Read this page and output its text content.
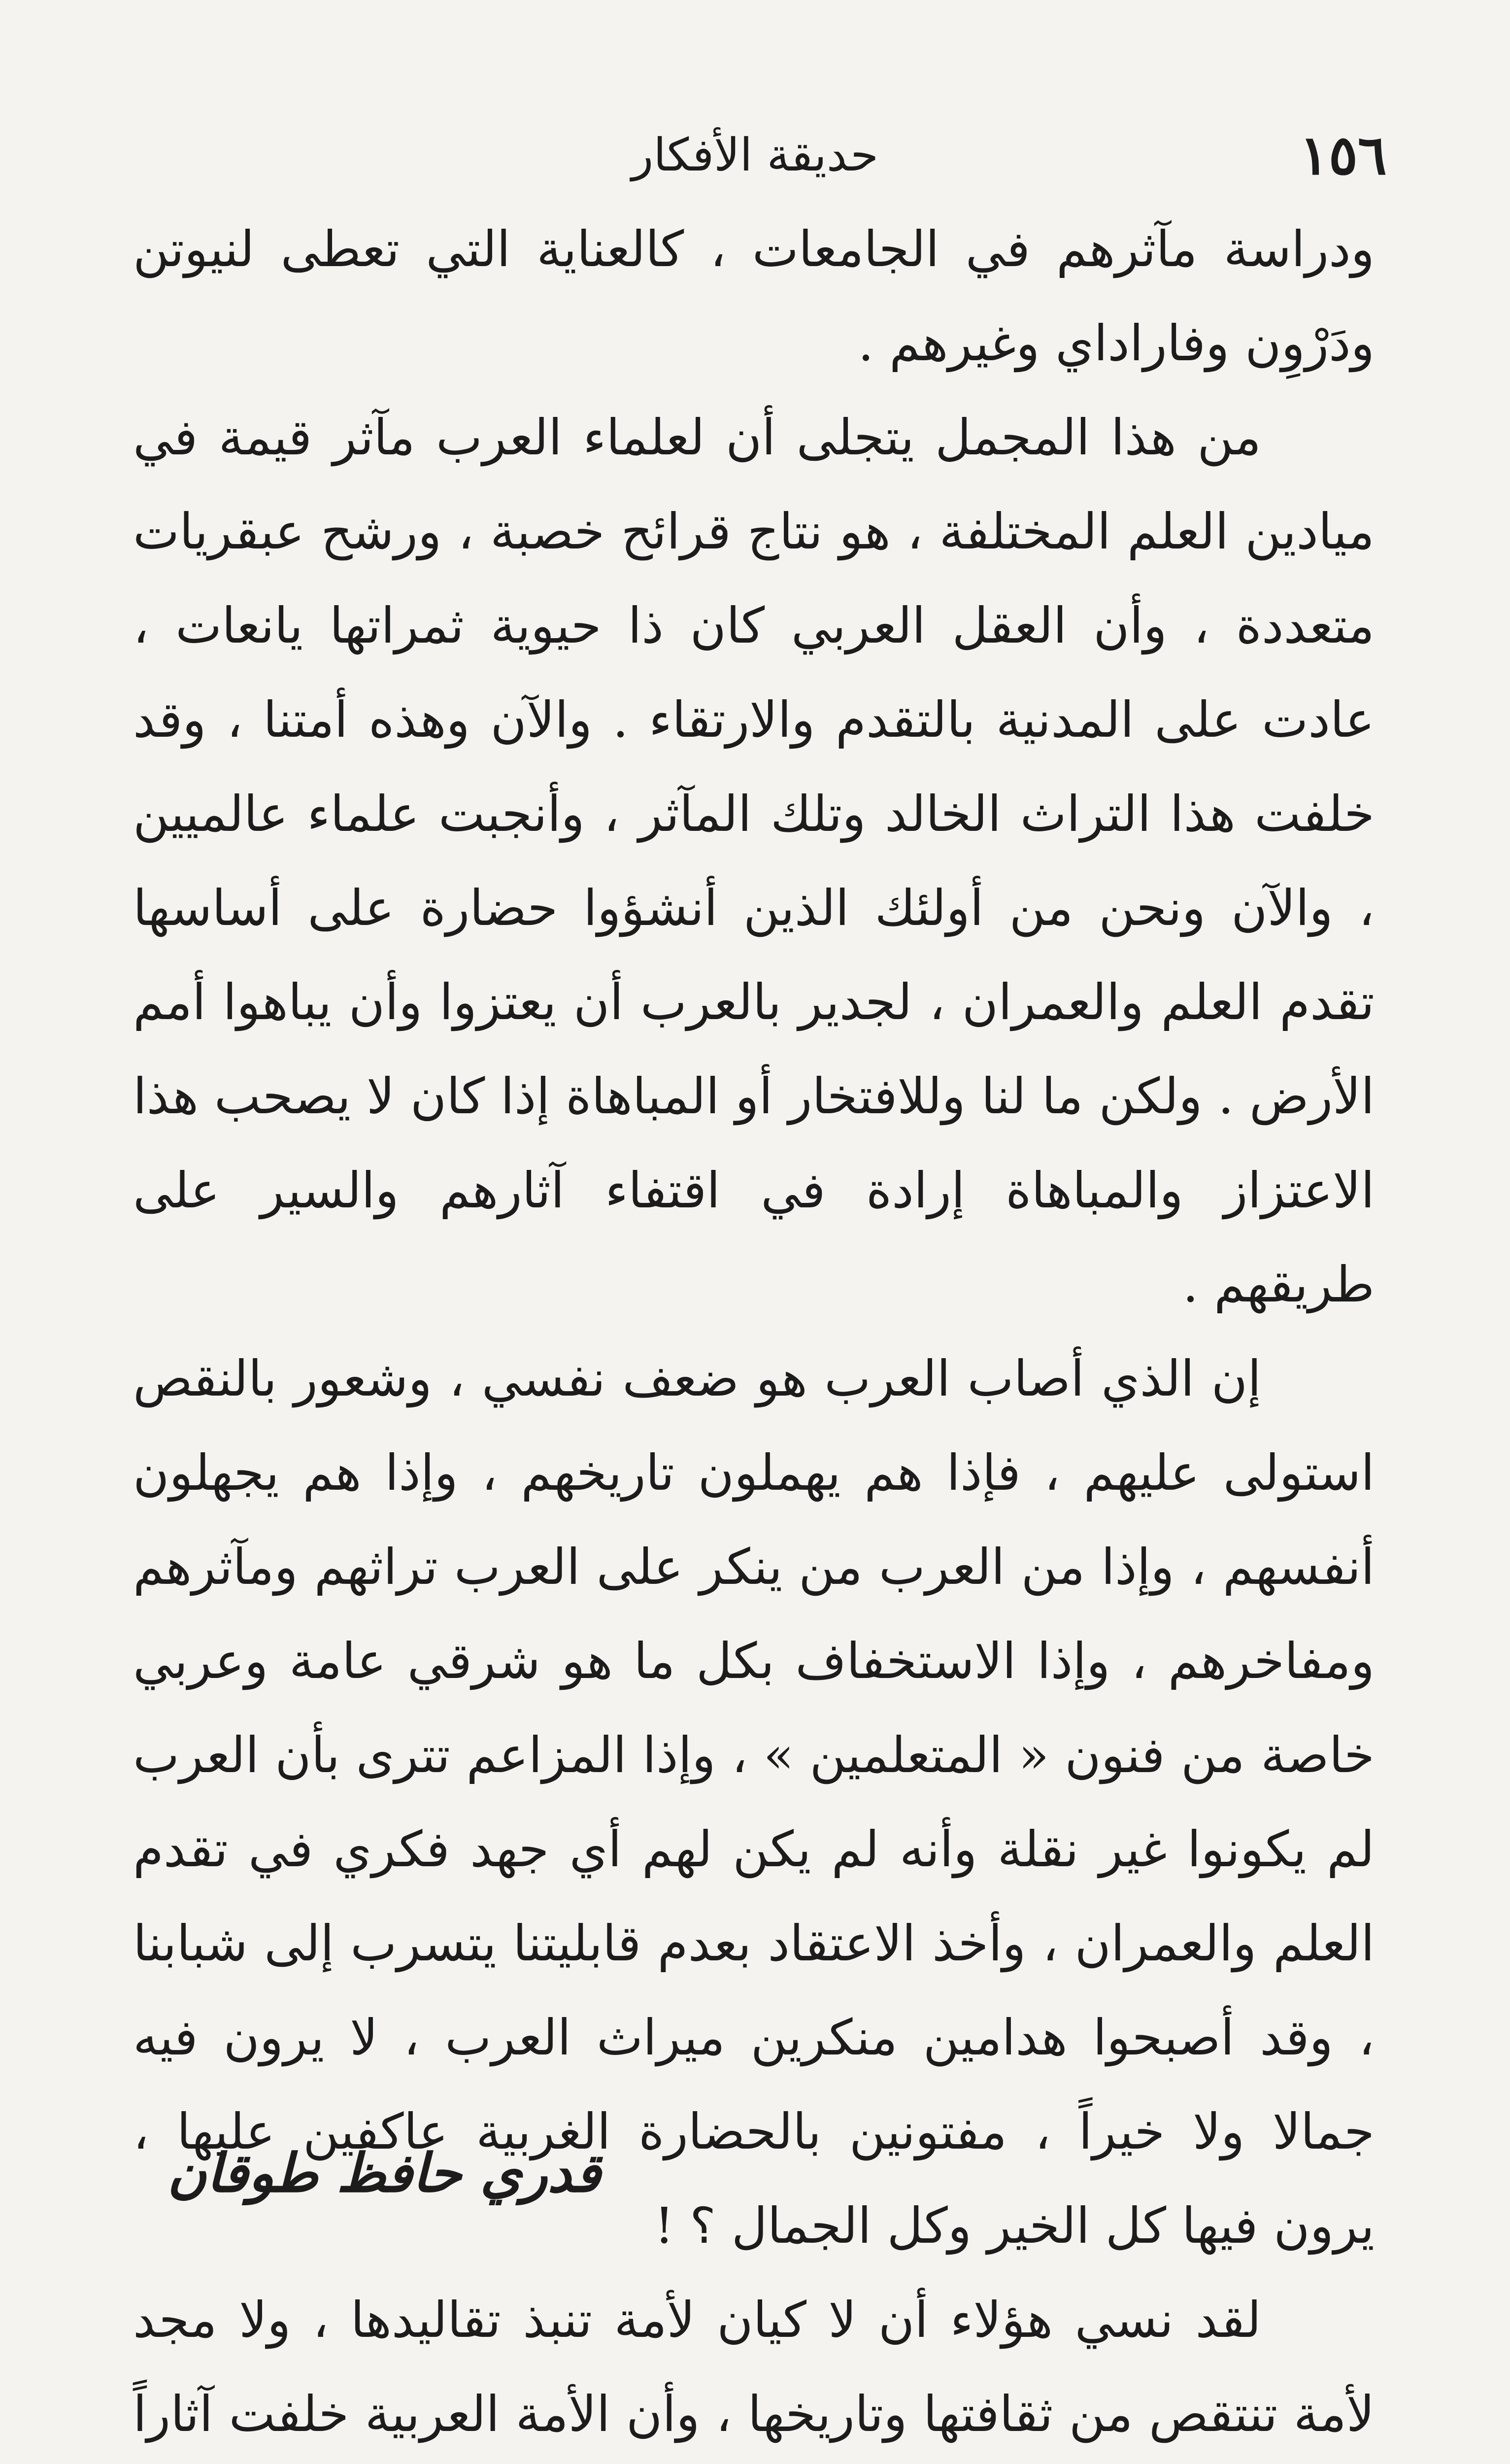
١٥٦
حديقة الأفكار

ودراسة مآثرهم في الجامعات ، كالعناية التي تعطى لنيوتن ودَرْوِن وفاراداي وغيرهم .

من هذا المجمل يتجلى أن لعلماء العرب مآثر قيمة في ميادين العلم المختلفة ، هو نتاج قرائح خصبة ، ورشح عبقريات متعددة ، وأن العقل العربي كان ذا حيوية ثمراتها يانعات ، عادت على المدنية بالتقدم والارتقاء . والآن وهذه أمتنا ، وقد خلفت هذا التراث الخالد وتلك المآثر ، وأنجبت علماء عالميين ، والآن ونحن من أولئك الذين أنشؤوا حضارة على أساسها تقدم العلم والعمران ، لجدير بالعرب أن يعتزوا وأن يباهوا أمم الأرض . ولكن ما لنا وللافتخار أو المباهاة إذا كان لا يصحب هذا الاعتزاز والمباهاة إرادة في اقتفاء آثارهم والسير على طريقهم .

إن الذي أصاب العرب هو ضعف نفسي ، وشعور بالنقص استولى عليهم ، فإذا هم يهملون تاريخهم ، وإذا هم يجهلون أنفسهم ، وإذا من العرب من ينكر على العرب تراثهم ومآثرهم ومفاخرهم ، وإذا الاستخفاف بكل ما هو شرقي عامة وعربي خاصة من فنون « المتعلمين » ، وإذا المزاعم تترى بأن العرب لم يكونوا غير نقلة وأنه لم يكن لهم أي جهد فكري في تقدم العلم والعمران ، وأخذ الاعتقاد بعدم قابليتنا يتسرب إلى شبابنا ، وقد أصبحوا هدامين منكرين ميراث العرب ، لا يرون فيه جمالا ولا خيراً ، مفتونين بالحضارة الغربية عاكفين عليها ، يرون فيها كل الخير وكل الجمال ؟ !

لقد نسي هؤلاء أن لا كيان لأمة تنبذ تقاليدها ، ولا مجد لأمة تنتقص من ثقافتها وتاريخها ، وأن الأمة العربية خلفت آثاراً

قدري حافظ طوقان
